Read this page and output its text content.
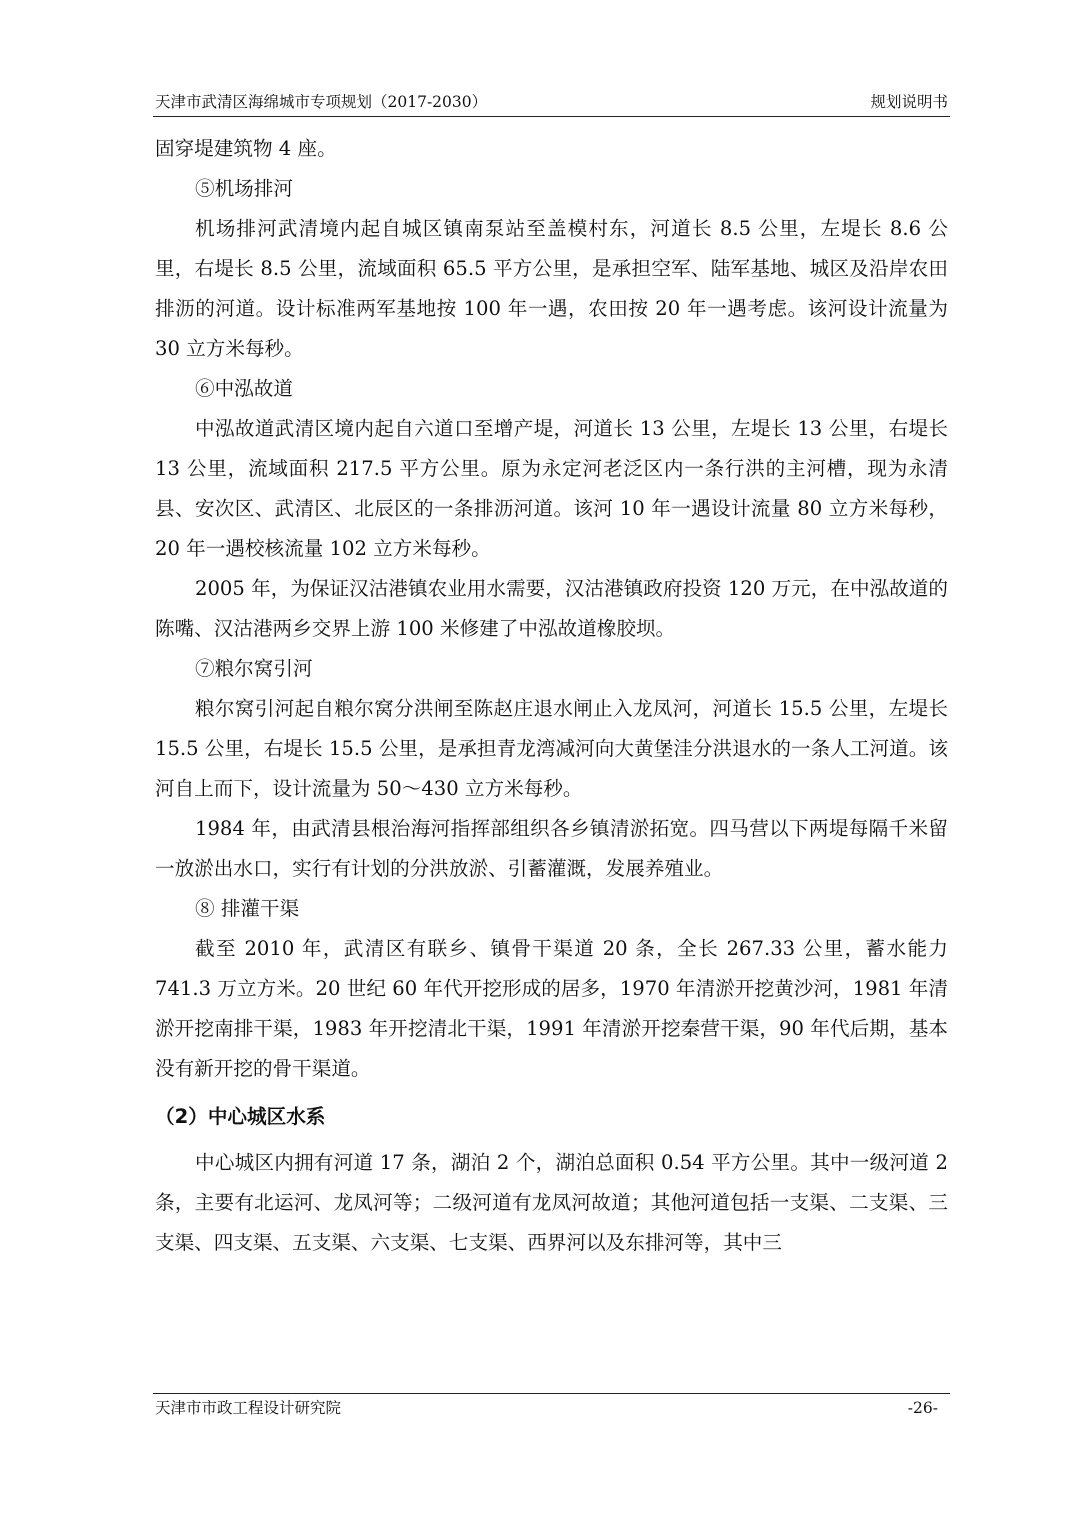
天津市武清区海绵城市专项规划（2017-2030）	规划说明书

固穿堤建筑物 4 座。

⑤机场排河

机场排河武清境内起自城区镇南泵站至盖模村东，河道长 8.5 公里，左堤长 8.6 公里，右堤长 8.5 公里，流域面积 65.5 平方公里，是承担空军、陆军基地、城区及沿岸农田排沥的河道。设计标准两军基地按 100 年一遇，农田按 20 年一遇考虑。该河设计流量为 30 立方米每秒。

⑥中泓故道

中泓故道武清区境内起自六道口至增产堤，河道长 13 公里，左堤长 13 公里，右堤长 13 公里，流域面积 217.5 平方公里。原为永定河老泛区内一条行洪的主河槽，现为永清县、安次区、武清区、北辰区的一条排沥河道。该河 10 年一遇设计流量 80 立方米每秒，20 年一遇校核流量 102 立方米每秒。

2005 年，为保证汉沽港镇农业用水需要，汉沽港镇政府投资 120 万元，在中泓故道的陈嘴、汉沽港两乡交界上游 100 米修建了中泓故道橡胶坝。

⑦粮尔窝引河

粮尔窝引河起自粮尔窝分洪闸至陈赵庄退水闸止入龙凤河，河道长 15.5 公里，左堤长 15.5 公里，右堤长 15.5 公里，是承担青龙湾减河向大黄堡洼分洪退水的一条人工河道。该河自上而下，设计流量为 50～430 立方米每秒。

1984 年，由武清县根治海河指挥部组织各乡镇清淤拓宽。四马营以下两堤每隔千米留一放淤出水口，实行有计划的分洪放淤、引蓄灌溉，发展养殖业。

⑧ 排灌干渠

截至 2010 年，武清区有联乡、镇骨干渠道 20 条，全长 267.33 公里，蓄水能力 741.3 万立方米。20 世纪 60 年代开挖形成的居多，1970 年清淤开挖黄沙河，1981 年清淤开挖南排干渠，1983 年开挖清北干渠，1991 年清淤开挖秦营干渠，90 年代后期，基本没有新开挖的骨干渠道。

（2）中心城区水系

中心城区内拥有河道 17 条，湖泊 2 个，湖泊总面积 0.54 平方公里。其中一级河道 2 条，主要有北运河、龙凤河等；二级河道有龙凤河故道；其他河道包括一支渠、二支渠、三支渠、四支渠、五支渠、六支渠、七支渠、西界河以及东排河等，其中三

天津市市政工程设计研究院	-26-
